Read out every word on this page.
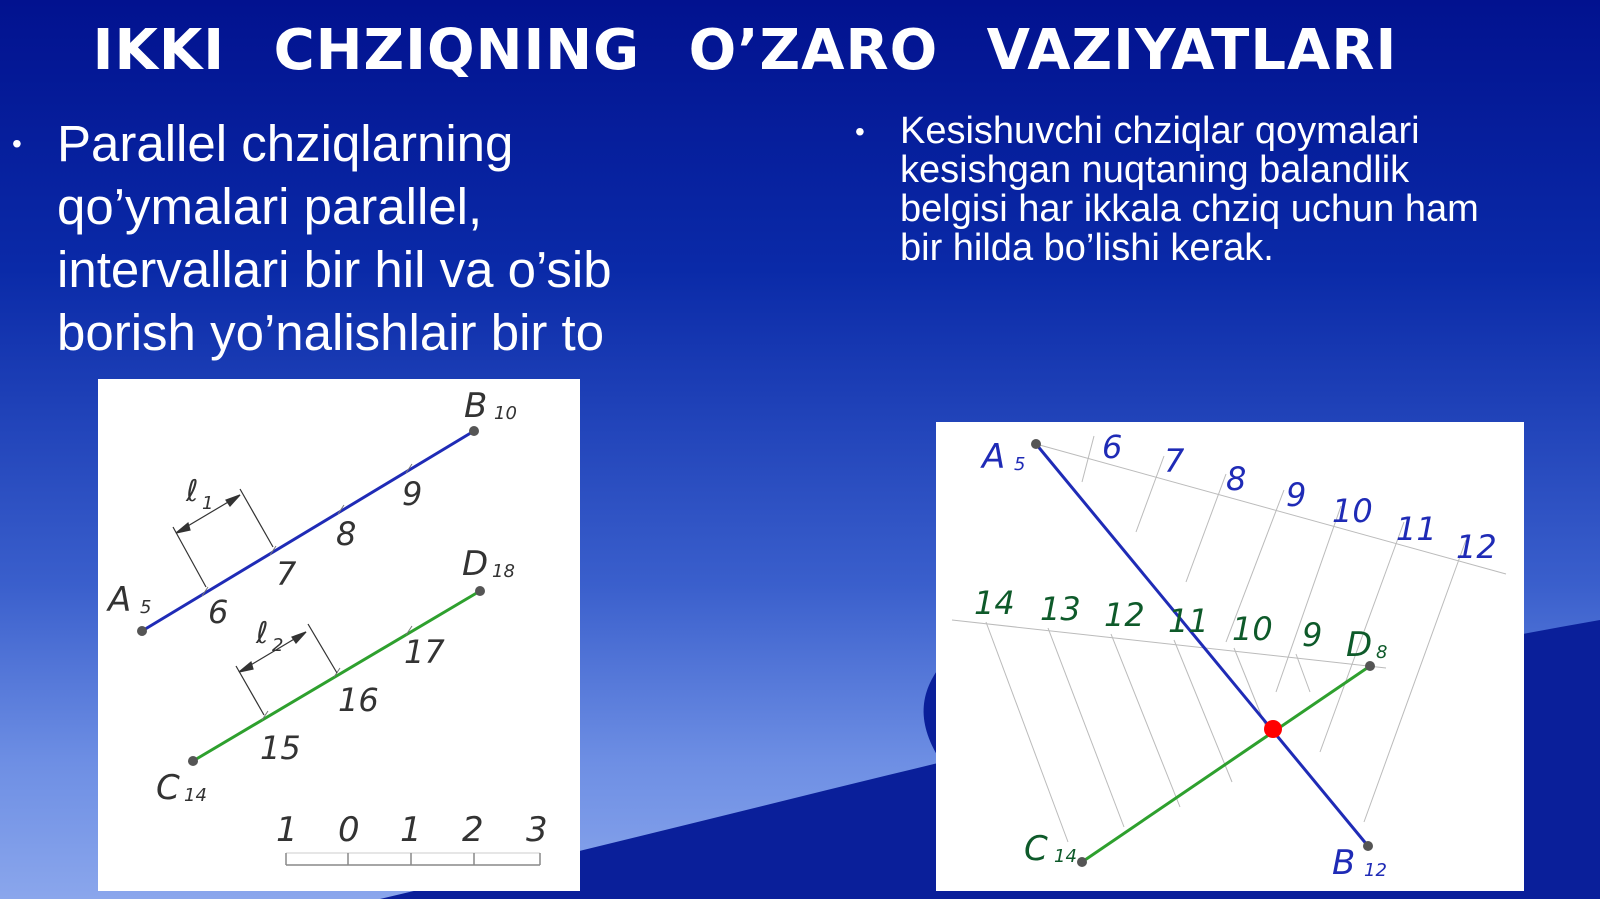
IKKI CHZIQNING O’ZARO VAZIYATLARI
• Parallel chziqlarning qo’ymalari parallel, intervallari bir hil va o’sib borish yo’nalishlair bir to
• Kesishuvchi chziqlar qoymalari kesishgan nuqtaning balandlik belgisi har ikkala chziq uchun ham bir hilda bo’lishi kerak.
A 5
B 10
C 14
D 18
6
7
8
9
15
16
17
ℓ 1
ℓ 2
1 0 1 2 3
A 5
B 12
C 14
D 8
6 7 8 9 10 11 12
14 13 12 11 10 9
